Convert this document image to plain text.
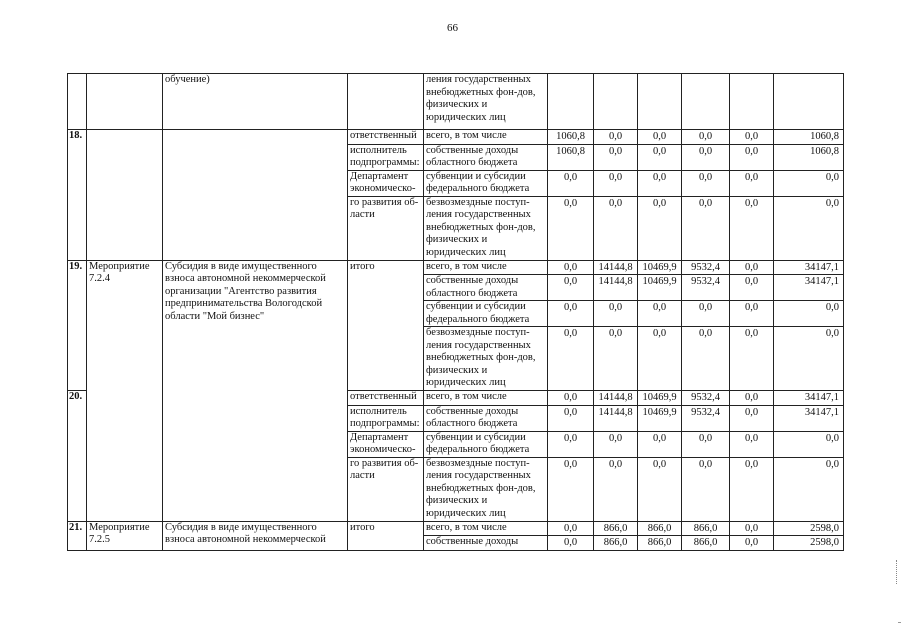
66
		обучение)		ления государственных внебюджетных фон-дов, физических и юридических лиц						
18.			ответственный	всего, в том числе	1060,8	0,0	0,0	0,0	0,0	1060,8
			исполнитель подпрограммы:	собственные доходы областного бюджета	1060,8	0,0	0,0	0,0	0,0	1060,8
			Департамент экономическо-	субвенции и субсидии федерального бюджета	0,0	0,0	0,0	0,0	0,0	0,0
			го развития об-ласти	безвозмездные поступ-ления государственных внебюджетных фон-дов, физических и юридических лиц	0,0	0,0	0,0	0,0	0,0	0,0
19.	Мероприятие 7.2.4	Субсидия в виде имущественного взноса автономной некоммерческой организации "Агентство развития предпринимательства Вологодской области "Мой бизнес"	итого	всего, в том числе	0,0	14144,8	10469,9	9532,4	0,0	34147,1
				собственные доходы областного бюджета	0,0	14144,8	10469,9	9532,4	0,0	34147,1
				субвенции и субсидии федерального бюджета	0,0	0,0	0,0	0,0	0,0	0,0
				безвозмездные поступ-ления государственных внебюджетных фон-дов, физических и юридических лиц	0,0	0,0	0,0	0,0	0,0	0,0
20.			ответственный	всего, в том числе	0,0	14144,8	10469,9	9532,4	0,0	34147,1
			исполнитель подпрограммы:	собственные доходы областного бюджета	0,0	14144,8	10469,9	9532,4	0,0	34147,1
			Департамент экономическо-	субвенции и субсидии федерального бюджета	0,0	0,0	0,0	0,0	0,0	0,0
			го развития об-ласти	безвозмездные поступ-ления государственных внебюджетных фон-дов, физических и юридических лиц	0,0	0,0	0,0	0,0	0,0	0,0
21.	Мероприятие 7.2.5	Субсидия в виде имущественного взноса автономной некоммерческой	итого	всего, в том числе	0,0	866,0	866,0	866,0	0,0	2598,0
				собственные доходы	0,0	866,0	866,0	866,0	0,0	2598,0
